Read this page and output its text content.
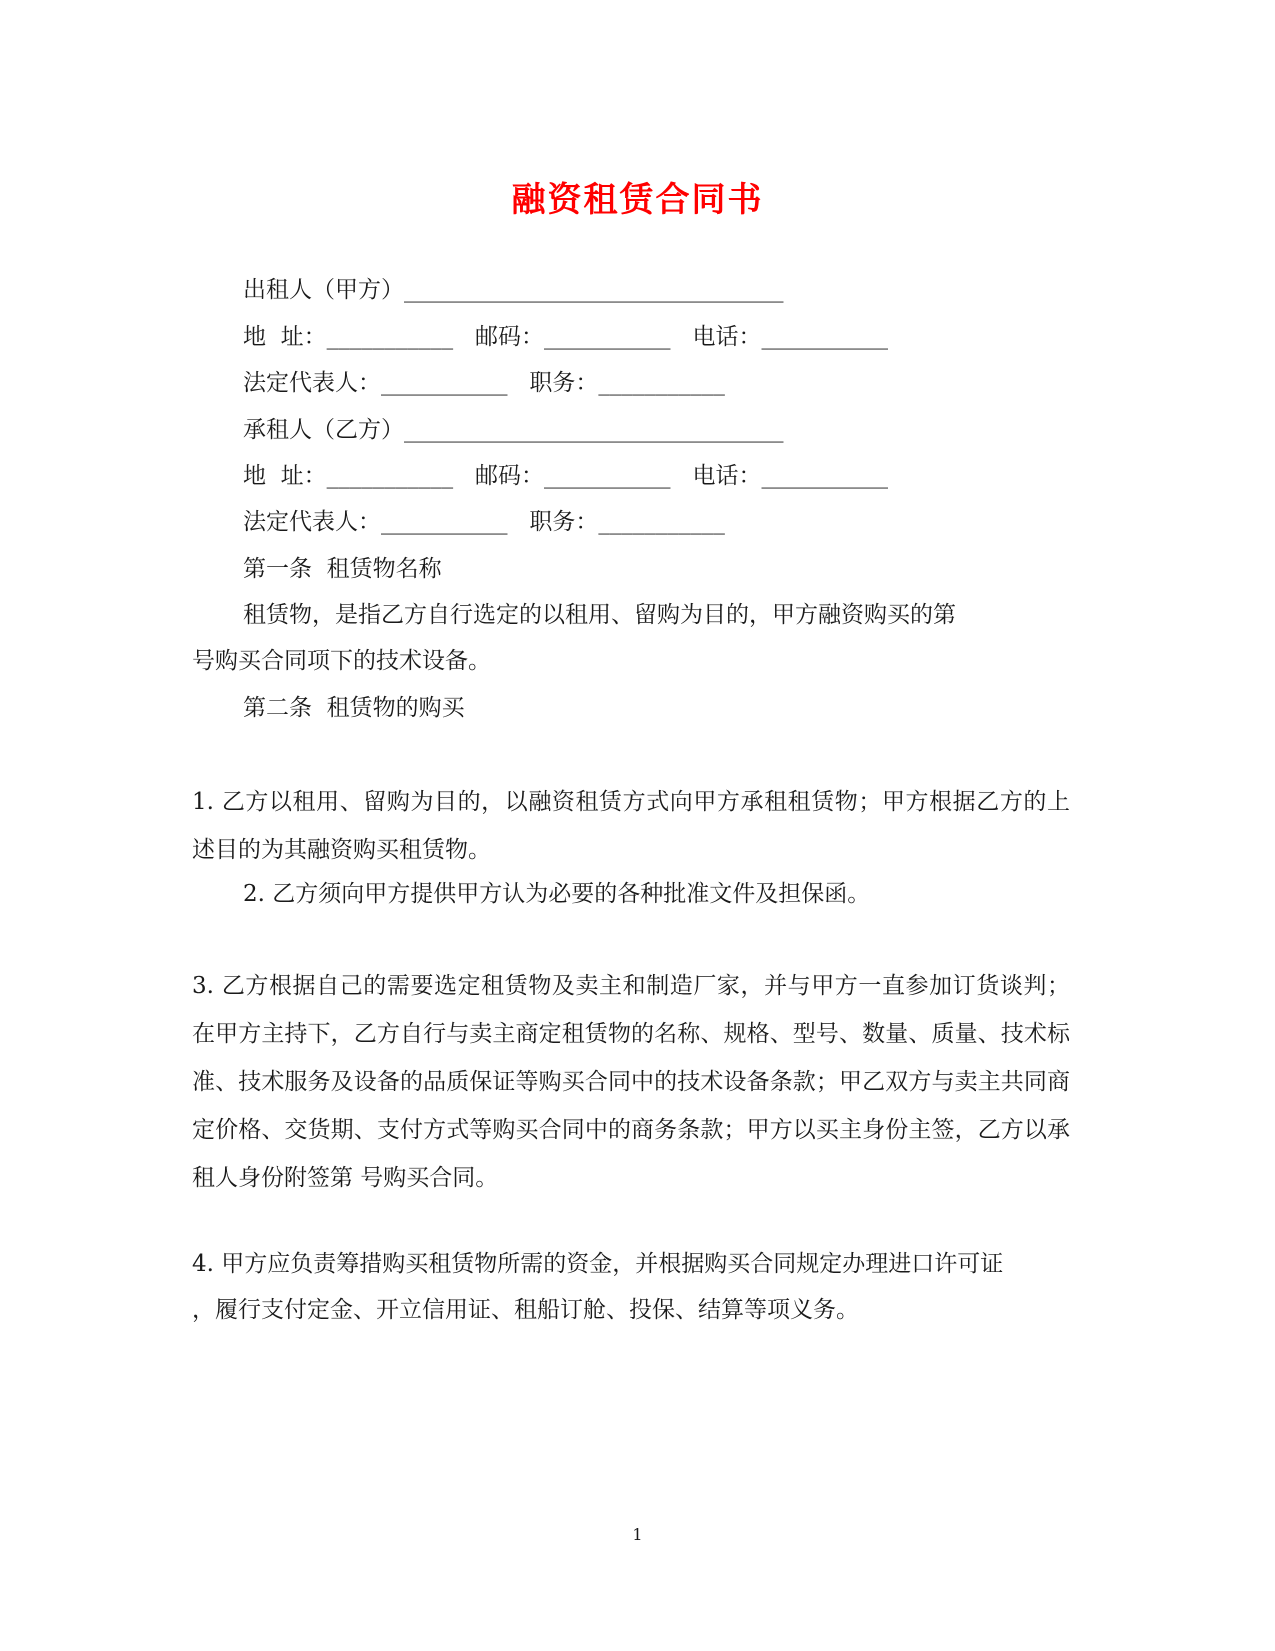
融资租赁合同书
出租人（甲方）_________________________________
地  址：___________   邮码：___________   电话：___________
法定代表人：___________   职务：___________
承租人（乙方）_________________________________
地  址：___________   邮码：___________   电话：___________
法定代表人：___________   职务：___________
第一条  租赁物名称
租赁物，是指乙方自行选定的以租用、留购为目的，甲方融资购买的第
号购买合同项下的技术设备。
第二条  租赁物的购买
1. 乙方以租用、留购为目的，以融资租赁方式向甲方承租租赁物；甲方根据乙方的上述目的为其融资购买租赁物。
2. 乙方须向甲方提供甲方认为必要的各种批准文件及担保函。
3. 乙方根据自己的需要选定租赁物及卖主和制造厂家，并与甲方一直参加订货谈判；在甲方主持下，乙方自行与卖主商定租赁物的名称、规格、型号、数量、质量、技术标准、技术服务及设备的品质保证等购买合同中的技术设备条款；甲乙双方与卖主共同商定价格、交货期、支付方式等购买合同中的商务条款；甲方以买主身份主签，乙方以承租人身份附签第 号购买合同。
4. 甲方应负责筹措购买租赁物所需的资金，并根据购买合同规定办理进口许可证
，履行支付定金、开立信用证、租船订舱、投保、结算等项义务。
1
